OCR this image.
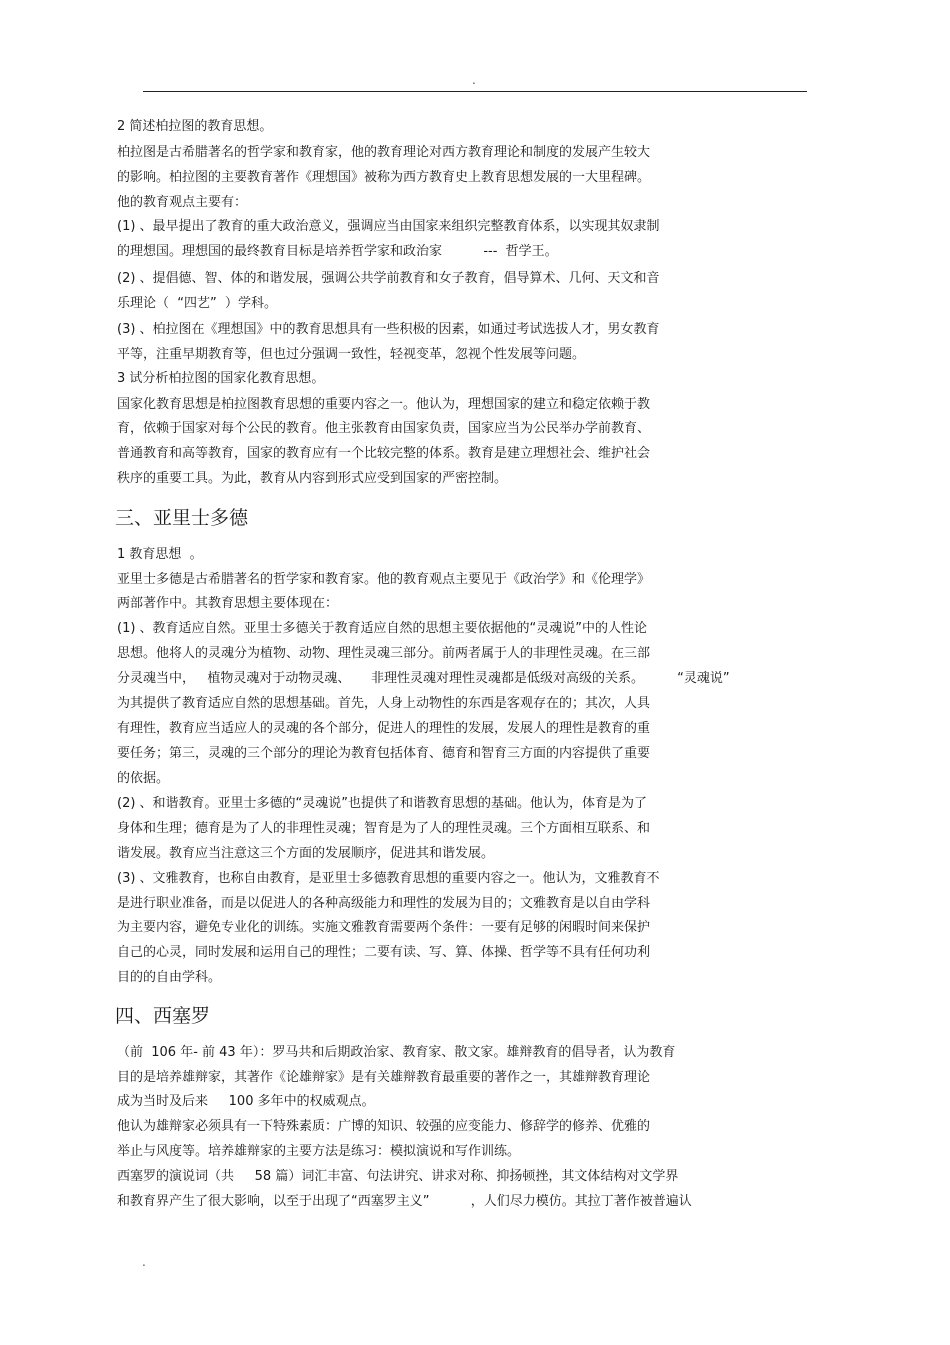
.
2 简述柏拉图的教育思想。
柏拉图是古希腊著名的哲学家和教育家，他的教育理论对西方教育理论和制度的发展产生较大
的影响。柏拉图的主要教育著作《理想国》被称为西方教育史上教育思想发展的一大里程碑。
他的教育观点主要有：
(1) 、最早提出了教育的重大政治意义，强调应当由国家来组织完整教育体系，以实现其奴隶制
的理想国。理想国的最终教育目标是培养哲学家和政治家          ---  哲学王。
(2) 、提倡德、智、体的和谐发展，强调公共学前教育和女子教育，倡导算术、几何、天文和音
乐理论（  “四艺”  ）学科。
(3) 、柏拉图在《理想国》中的教育思想具有一些积极的因素，如通过考试选拔人才，男女教育
平等，注重早期教育等，但也过分强调一致性，轻视变革，忽视个性发展等问题。
3 试分析柏拉图的国家化教育思想。
国家化教育思想是柏拉图教育思想的重要内容之一。他认为，理想国家的建立和稳定依赖于教
育，依赖于国家对每个公民的教育。他主张教育由国家负责，国家应当为公民举办学前教育、
普通教育和高等教育，国家的教育应有一个比较完整的体系。教育是建立理想社会、维护社会
秩序的重要工具。为此，教育从内容到形式应受到国家的严密控制。
三、亚里士多德
1 教育思想  。
亚里士多德是古希腊著名的哲学家和教育家。他的教育观点主要见于《政治学》和《伦理学》
两部著作中。其教育思想主要体现在：
(1) 、教育适应自然。亚里士多德关于教育适应自然的思想主要依据他的“灵魂说”中的人性论
思想。他将人的灵魂分为植物、动物、理性灵魂三部分。前两者属于人的非理性灵魂。在三部
分灵魂当中，   植物灵魂对于动物灵魂、     非理性灵魂对理性灵魂都是低级对高级的关系。        “灵魂说”
为其提供了教育适应自然的思想基础。首先，人身上动物性的东西是客观存在的；其次，人具
有理性，教育应当适应人的灵魂的各个部分，促进人的理性的发展，发展人的理性是教育的重
要任务；第三，灵魂的三个部分的理论为教育包括体育、德育和智育三方面的内容提供了重要
的依据。
(2) 、和谐教育。亚里士多德的“灵魂说”也提供了和谐教育思想的基础。他认为，体育是为了
身体和生理；德育是为了人的非理性灵魂；智育是为了人的理性灵魂。三个方面相互联系、和
谐发展。教育应当注意这三个方面的发展顺序，促进其和谐发展。
(3) 、文雅教育，也称自由教育，是亚里士多德教育思想的重要内容之一。他认为，文雅教育不
是进行职业准备，而是以促进人的各种高级能力和理性的发展为目的；文雅教育是以自由学科
为主要内容，避免专业化的训练。实施文雅教育需要两个条件：一要有足够的闲暇时间来保护
自己的心灵，同时发展和运用自己的理性；二要有读、写、算、体操、哲学等不具有任何功利
目的的自由学科。
四、西塞罗
（前  106 年- 前 43 年）：罗马共和后期政治家、教育家、散文家。雄辩教育的倡导者，认为教育
目的是培养雄辩家，其著作《论雄辩家》是有关雄辩教育最重要的著作之一，其雄辩教育理论
成为当时及后来     100 多年中的权威观点。
他认为雄辩家必须具有一下特殊素质：广博的知识、较强的应变能力、修辞学的修养、优雅的
举止与风度等。培养雄辩家的主要方法是练习：模拟演说和写作训练。
西塞罗的演说词（共     58 篇）词汇丰富、句法讲究、讲求对称、抑扬顿挫，其文体结构对文学界
和教育界产生了很大影响，以至于出现了“西塞罗主义”          ，人们尽力模仿。其拉丁著作被普遍认
.
